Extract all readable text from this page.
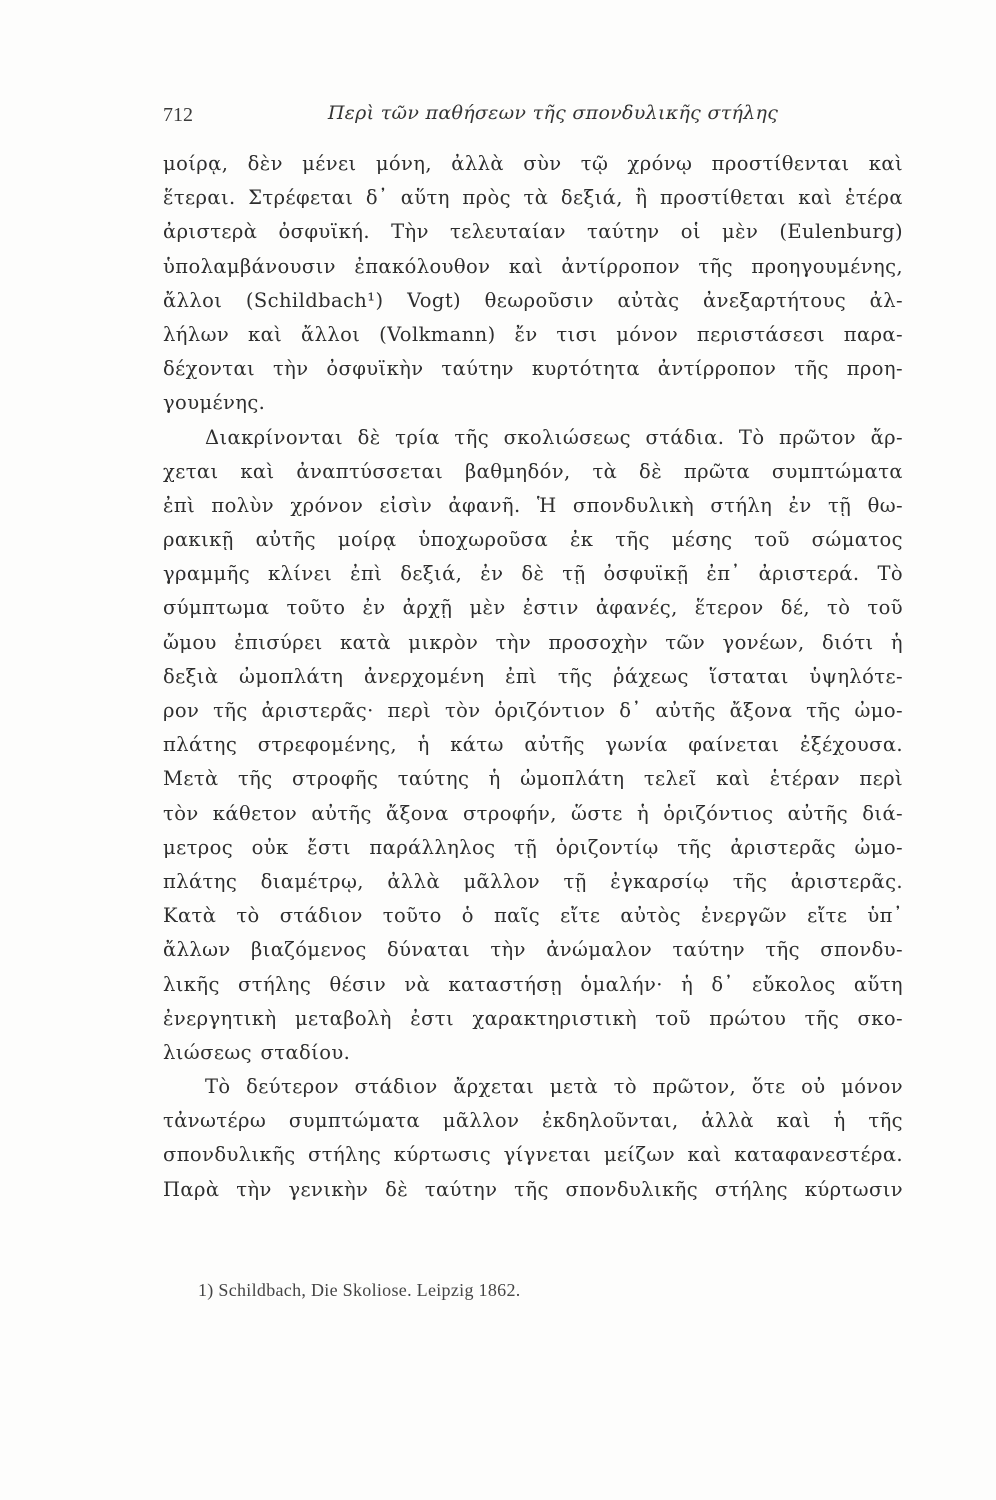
712	Περὶ τῶν παθήσεων τῆς σπονδυλικῆς στήλης
μοίρᾳ, δὲν μένει μόνη, ἀλλὰ σὺν τῷ χρόνῳ προστίθενται καὶ
ἕτεραι. Στρέφεται δ᾽ αὕτη πρὸς τὰ δεξιά, ἢ προστίθεται καὶ ἑτέρα
ἀριστερὰ ὀσφυϊκή. Τὴν τελευταίαν ταύτην οἱ μὲν (Eulenburg)
ὑπολαμβάνουσιν ἐπακόλουθον καὶ ἀντίρροπον τῆς προηγουμένης,
ἄλλοι (Schildbach¹) Vogt) θεωροῦσιν αὐτὰς ἀνεξαρτήτους ἀλ-
λήλων καὶ ἄλλοι (Volkmann) ἔν τισι μόνον περιστάσεσι παρα-
δέχονται τὴν ὀσφυϊκὴν ταύτην κυρτότητα ἀντίρροπον τῆς προη-
γουμένης.
Διακρίνονται δὲ τρία τῆς σκολιώσεως στάδια. Τὸ πρῶτον ἄρ-
χεται καὶ ἀναπτύσσεται βαθμηδόν, τὰ δὲ πρῶτα συμπτώματα
ἐπὶ πολὺν χρόνον εἰσὶν ἀφανῆ. Ἡ σπονδυλικὴ στήλη ἐν τῇ θω-
ρακικῇ αὐτῆς μοίρᾳ ὑποχωροῦσα ἐκ τῆς μέσης τοῦ σώματος
γραμμῆς κλίνει ἐπὶ δεξιά, ἐν δὲ τῇ ὀσφυϊκῇ ἐπ᾽ ἀριστερά. Τὸ
σύμπτωμα τοῦτο ἐν ἀρχῇ μὲν ἐστιν ἀφανές, ἕτερον δέ, τὸ τοῦ
ὤμου ἐπισύρει κατὰ μικρὸν τὴν προσοχὴν τῶν γονέων, διότι ἡ
δεξιὰ ὠμοπλάτη ἀνερχομένη ἐπὶ τῆς ῥάχεως ἵσταται ὑψηλότε-
ρον τῆς ἀριστερᾶς· περὶ τὸν ὁριζόντιον δ᾽ αὐτῆς ἄξονα τῆς ὠμο-
πλάτης στρεφομένης, ἡ κάτω αὐτῆς γωνία φαίνεται ἐξέχουσα.
Μετὰ τῆς στροφῆς ταύτης ἡ ὠμοπλάτη τελεῖ καὶ ἑτέραν περὶ
τὸν κάθετον αὐτῆς ἄξονα στροφήν, ὥστε ἡ ὁριζόντιος αὐτῆς διά-
μετρος οὐκ ἔστι παράλληλος τῇ ὁριζοντίῳ τῆς ἀριστερᾶς ὠμο-
πλάτης διαμέτρῳ, ἀλλὰ μᾶλλον τῇ ἐγκαρσίῳ τῆς ἀριστερᾶς.
Κατὰ τὸ στάδιον τοῦτο ὁ παῖς εἴτε αὐτὸς ἐνεργῶν εἴτε ὑπ᾽
ἄλλων βιαζόμενος δύναται τὴν ἀνώμαλον ταύτην τῆς σπονδυ-
λικῆς στήλης θέσιν νὰ καταστήσῃ ὁμαλήν· ἡ δ᾽ εὔκολος αὕτη
ἐνεργητικὴ μεταβολὴ ἐστι χαρακτηριστικὴ τοῦ πρώτου τῆς σκο-
λιώσεως σταδίου.
Τὸ δεύτερον στάδιον ἄρχεται μετὰ τὸ πρῶτον, ὅτε οὐ μόνον
τἀνωτέρω συμπτώματα μᾶλλον ἐκδηλοῦνται, ἀλλὰ καὶ ἡ τῆς
σπονδυλικῆς στήλης κύρτωσις γίγνεται μείζων καὶ καταφανεστέρα.
Παρὰ τὴν γενικὴν δὲ ταύτην τῆς σπονδυλικῆς στήλης κύρτωσιν
1) Schildbach, Die Skoliose. Leipzig 1862.
